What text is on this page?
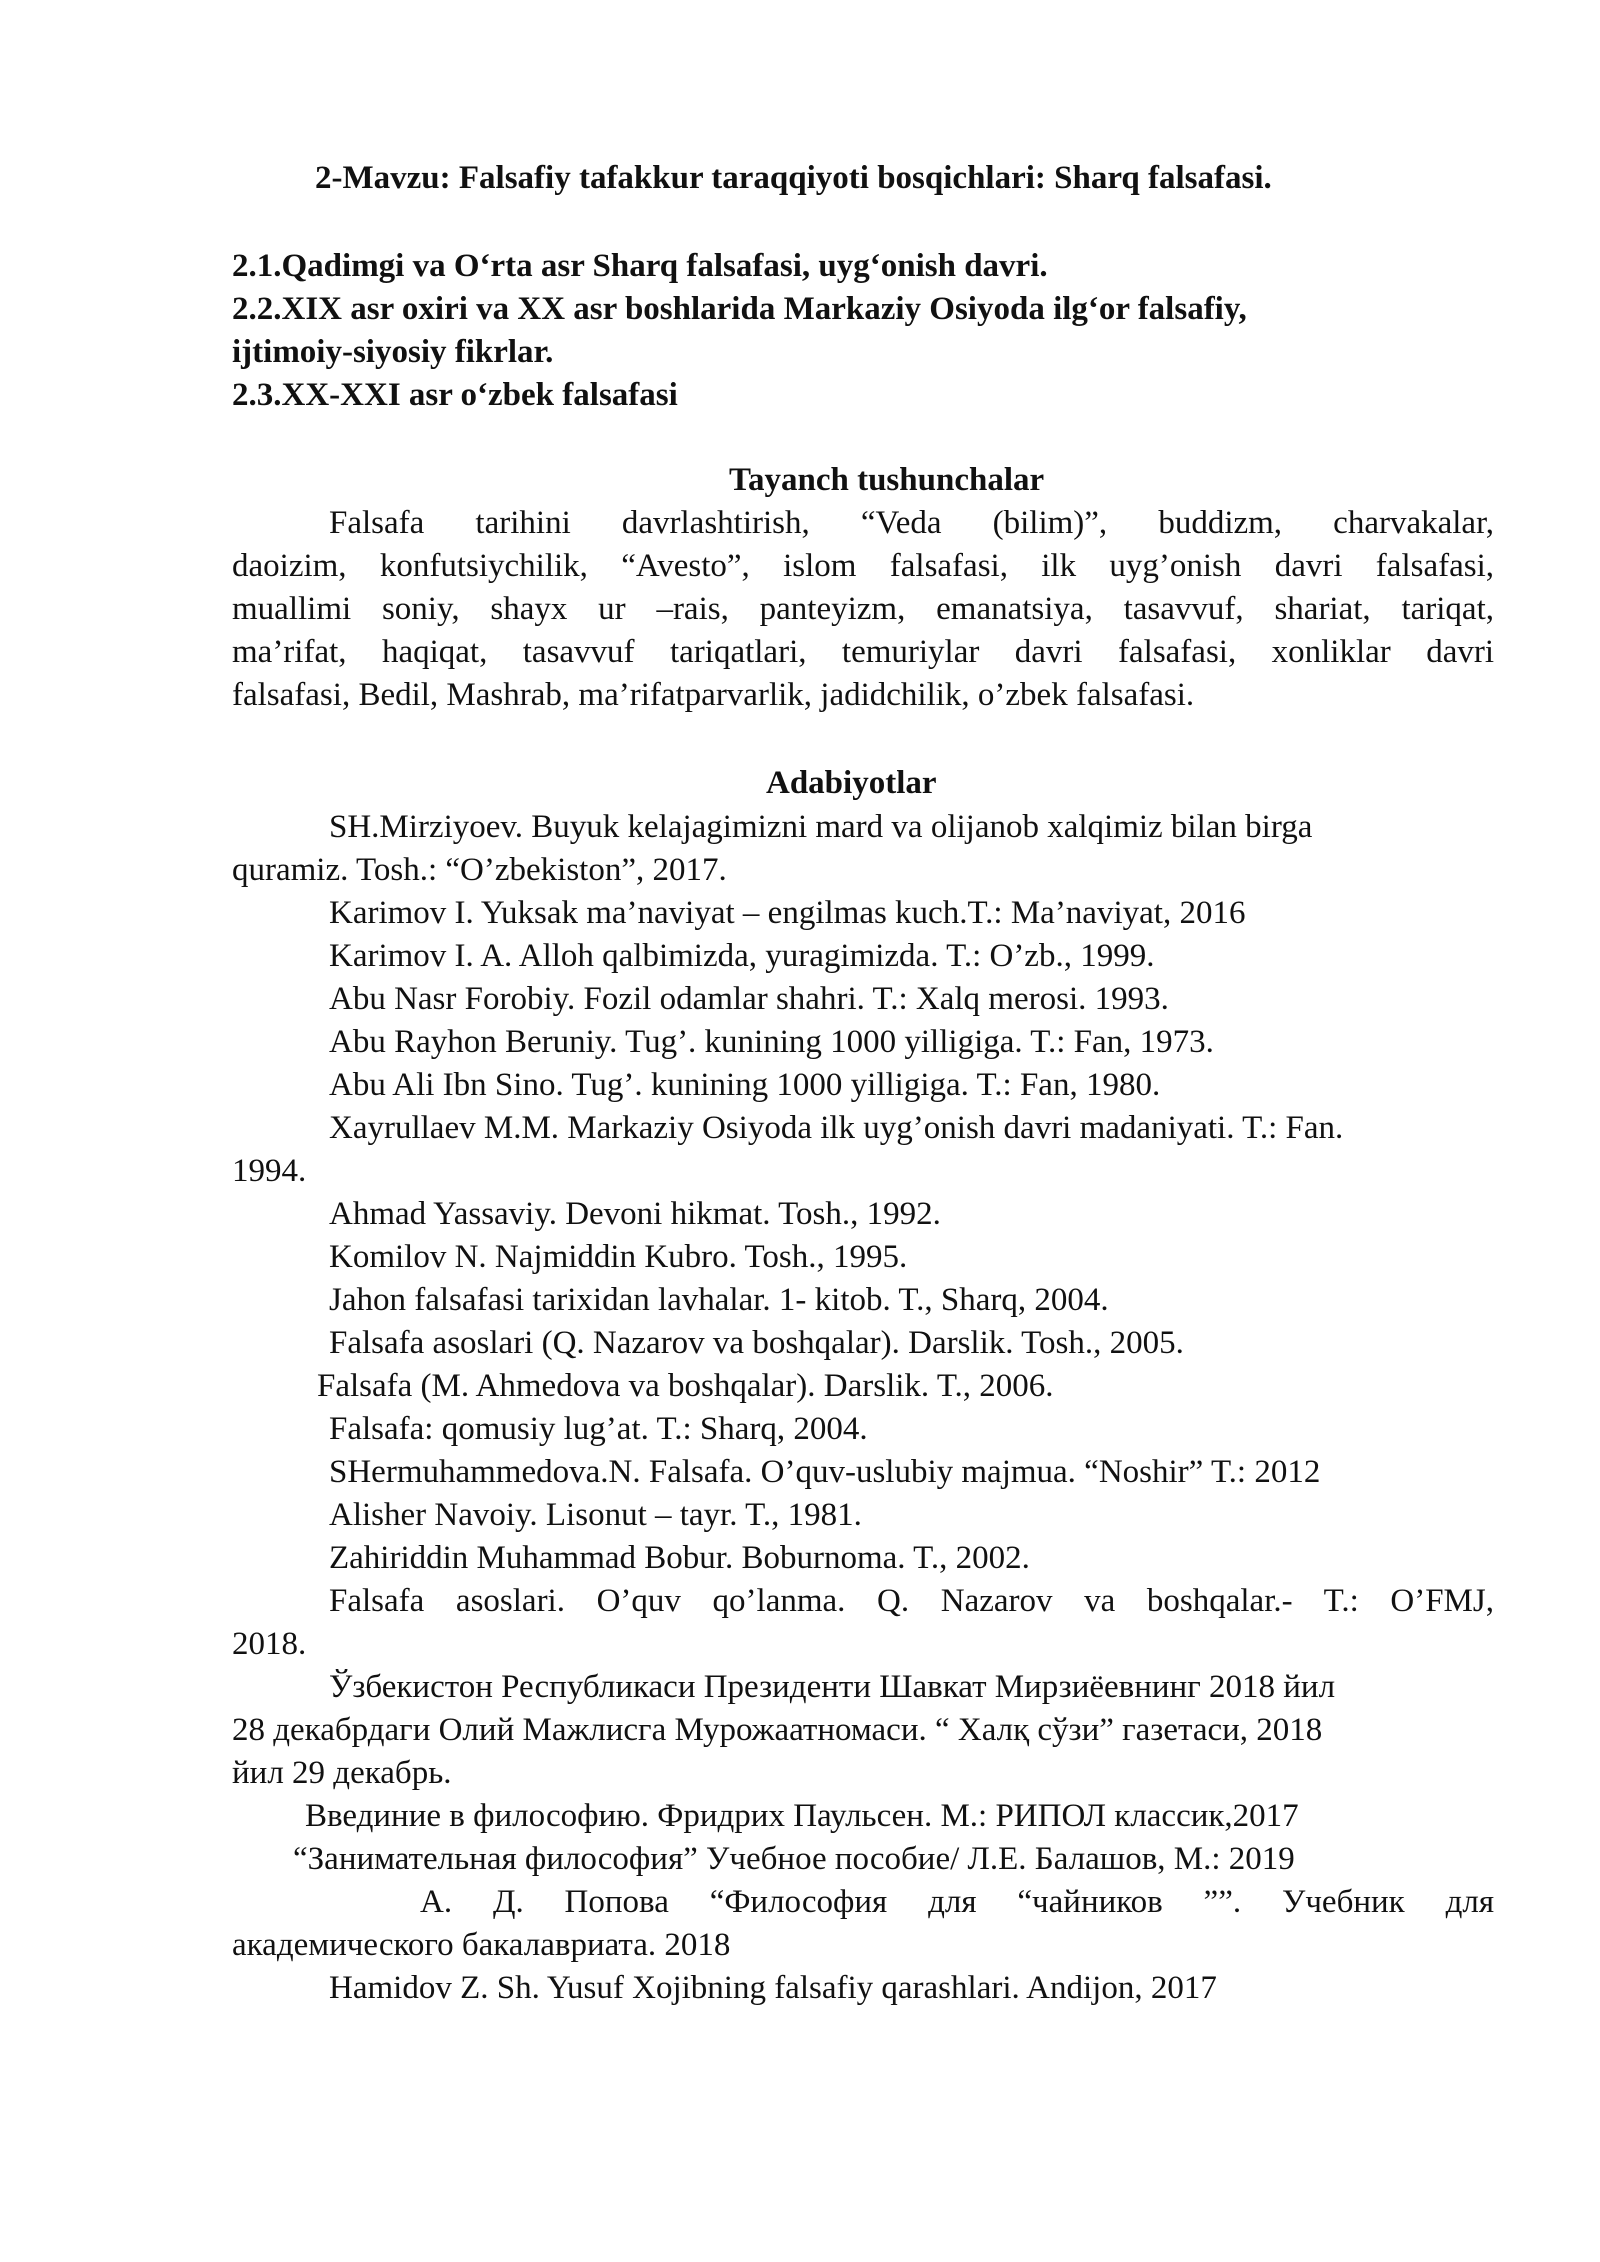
2-Mavzu: Falsafiy tafakkur taraqqiyoti bosqichlari: Sharq falsafasi.
2.1.Qadimgi va O‘rta asr Sharq falsafasi, uyg‘onish davri.
2.2.XIX asr oxiri va XX asr boshlarida Markaziy Osiyoda ilg‘or falsafiy,
ijtimoiy-siyosiy fikrlar.
2.3.XX-XXI asr o‘zbek falsafasi
Tayanch tushunchalar
Falsafa tarihini davrlashtirish, “Veda (bilim)”, buddizm, charvakalar,
daoizim, konfutsiychilik, “Avesto”, islom falsafasi, ilk uyg’onish davri falsafasi,
muallimi soniy, shayx ur –rais, panteyizm, emanatsiya, tasavvuf, shariat, tariqat,
ma’rifat, haqiqat, tasavvuf tariqatlari, temuriylar davri falsafasi, xonliklar davri
falsafasi, Bedil, Mashrab, ma’rifatparvarlik, jadidchilik, o’zbek falsafasi.
Adabiyotlar
SH.Mirziyoev. Buyuk kelajagimizni mard va olijanob xalqimiz bilan birga
quramiz. Tosh.: “O’zbekiston”, 2017.
Karimov I. Yuksak ma’naviyat – engilmas kuch.T.: Ma’naviyat, 2016
Karimov I. A. Alloh qalbimizda, yuragimizda. T.: O’zb., 1999.
Abu Nasr Forobiy. Fozil odamlar shahri. T.: Xalq merosi. 1993.
Abu Rayhon Beruniy. Tug’. kunining 1000 yilligiga. T.: Fan, 1973.
Abu Ali Ibn Sino. Tug’. kunining 1000 yilligiga. T.: Fan, 1980.
Xayrullaev M.M. Markaziy Osiyoda ilk uyg’onish davri madaniyati. T.: Fan.
1994.
Ahmad Yassaviy. Devoni hikmat. Tosh., 1992.
Komilov N. Najmiddin Kubro. Tosh., 1995.
Jahon falsafasi tarixidan lavhalar. 1- kitob. T., Sharq, 2004.
Falsafa asoslari (Q. Nazarov va boshqalar). Darslik. Tosh., 2005.
Falsafa (M. Ahmedova va boshqalar). Darslik. T., 2006.
Falsafa: qomusiy lug’at. T.: Sharq, 2004.
SHermuhammedova.N. Falsafa. O’quv-uslubiy majmua. “Noshir” T.: 2012
Alisher Navoiy. Lisonut – tayr. T., 1981.
Zahiriddin Muhammad Bobur. Boburnoma. T., 2002.
Falsafa asoslari. O’quv qo’lanma. Q. Nazarov va boshqalar.- T.: O’FMJ,
2018.
Ўзбекистон Республикаси Президенти Шавкат Мирзиёевнинг 2018 йил
28 декабрдаги Олий Мажлисга Мурожаатномаси. “ Халқ сўзи” газетаси, 2018
йил 29 декабрь.
Введиние в философию. Фридрих Паульсен. М.: РИПОЛ классик,2017
“Занимательная философия” Учебное пособие/ Л.Е. Балашов, М.: 2019
А. Д. Попова “Философия для “чайников ””. Учебник для
академического бакалавриата. 2018
Hamidov Z. Sh. Yusuf Xojibning falsafiy qarashlari. Andijon, 2017
